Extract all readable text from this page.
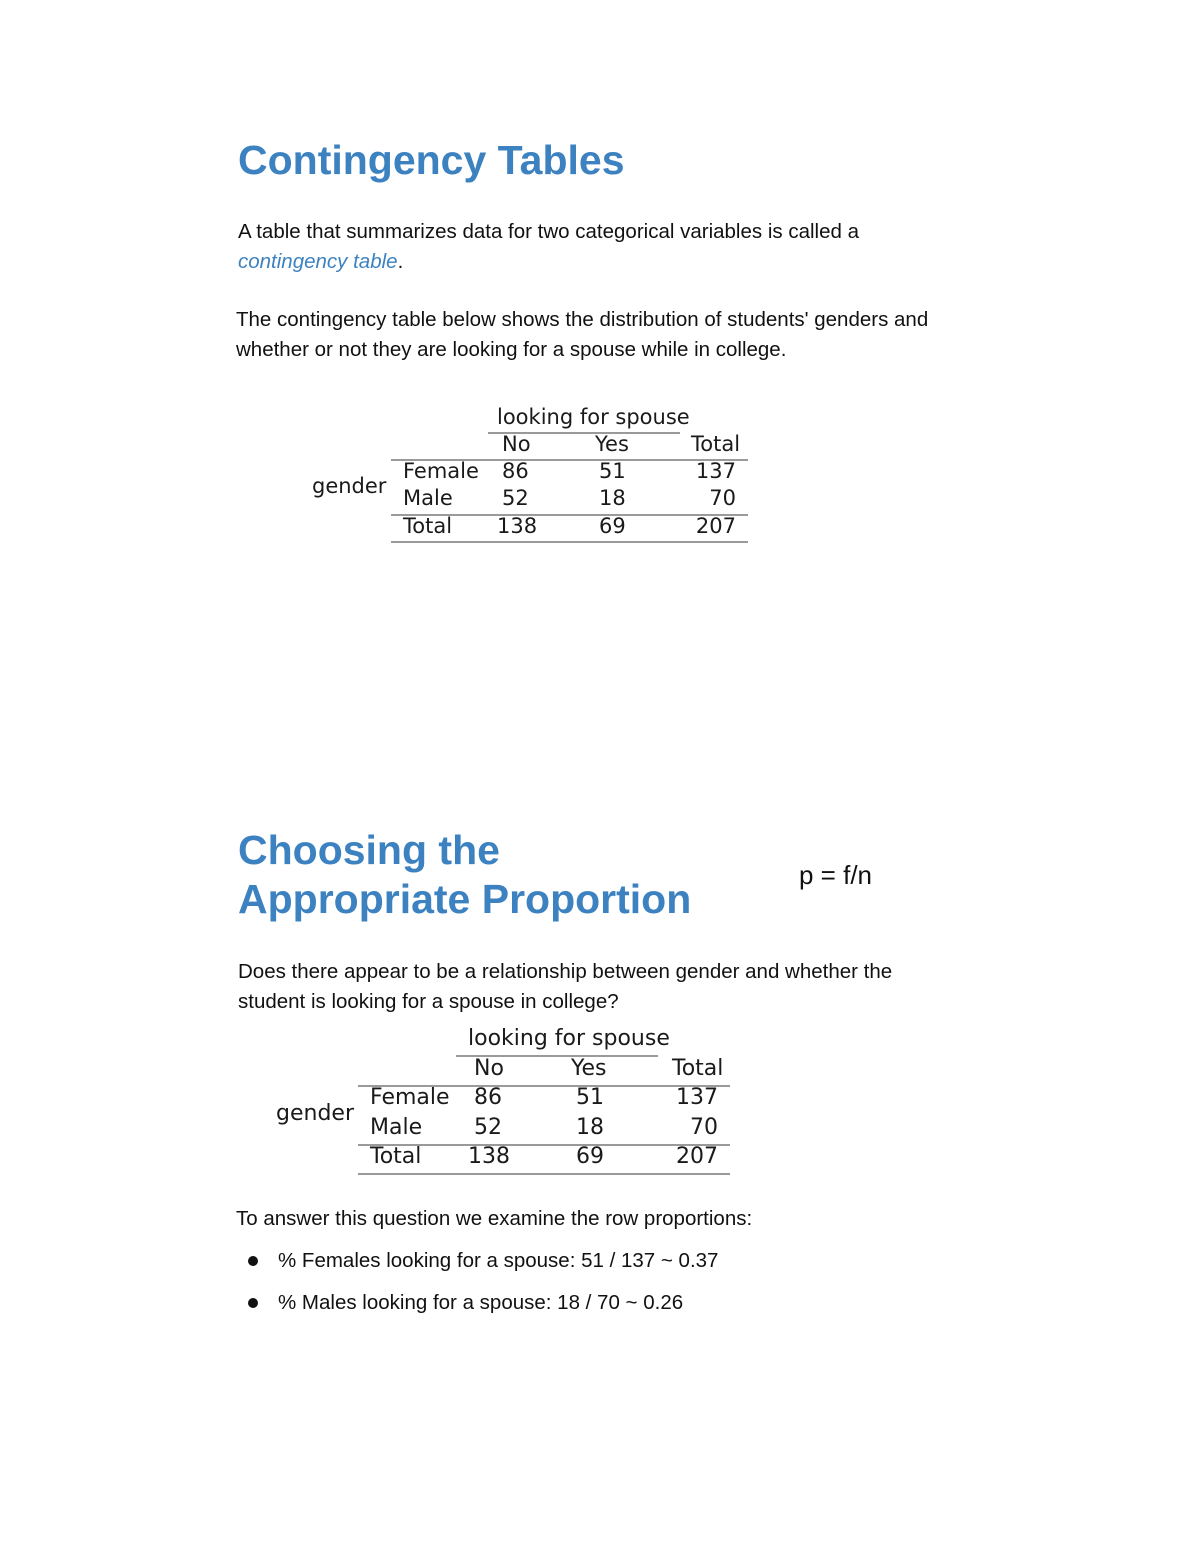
Contingency Tables
A table that summarizes data for two categorical variables is called a
contingency table.
The contingency table below shows the distribution of students' genders and whether or not they are looking for a spouse while in college.
looking for spouse
No	Yes	Total
gender
Female 86	51	137
Male 52	18	70
Total 138	69	207
Choosing the
Appropriate Proportion
p = f/n
Does there appear to be a relationship between gender and whether the student is looking for a spouse in college?
looking for spouse
No	Yes	Total
gender
Female 86	51	137
Male 52	18	70
Total 138	69	207
To answer this question we examine the row proportions:
% Females looking for a spouse: 51 / 137 ~ 0.37
% Males looking for a spouse: 18 / 70 ~ 0.26
